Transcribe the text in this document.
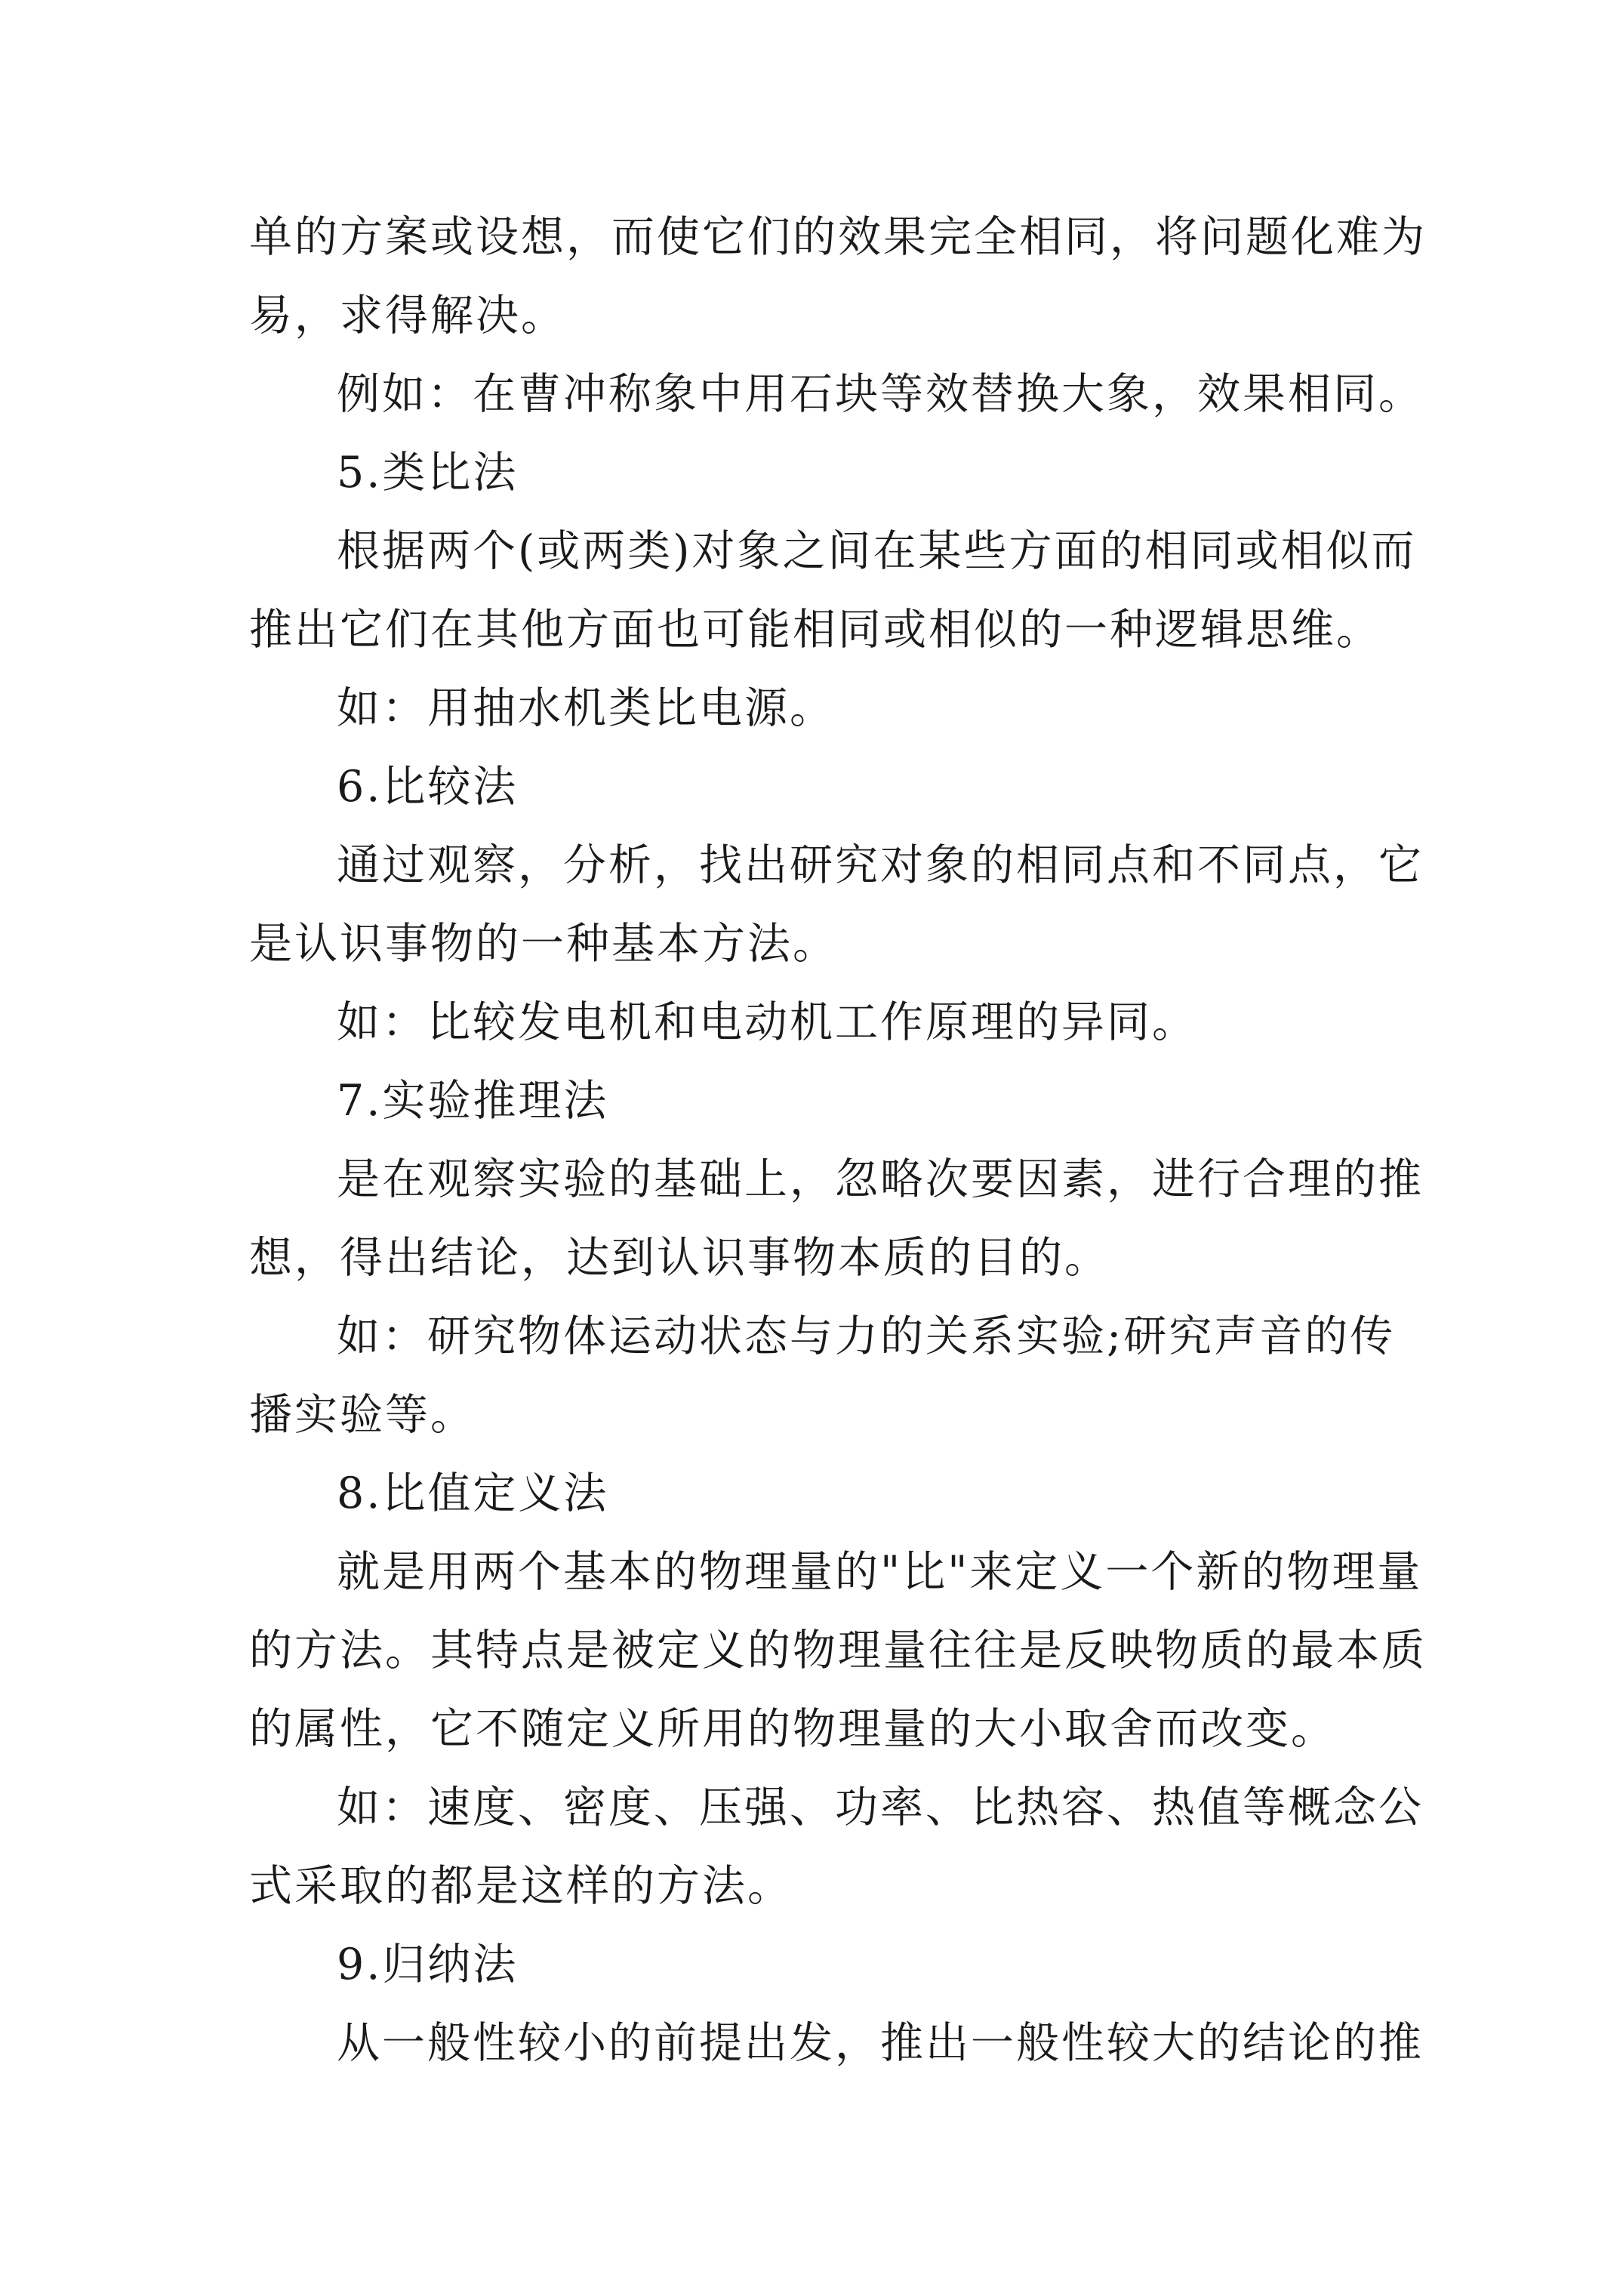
单的方案或设想，而使它们的效果完全相同，将问题化难为

易，求得解决。

例如：在曹冲称象中用石块等效替换大象，效果相同。

5.类比法

根据两个(或两类)对象之间在某些方面的相同或相似而

推出它们在其他方面也可能相同或相似的一种逻辑思维。

如：用抽水机类比电源。

6.比较法

通过观察，分析，找出研究对象的相同点和不同点，它

是认识事物的一种基本方法。

如：比较发电机和电动机工作原理的异同。

7.实验推理法

是在观察实验的基础上，忽略次要因素，进行合理的推

想，得出结论，达到认识事物本质的目的。

如：研究物体运动状态与力的关系实验;研究声音的传

播实验等。

8.比值定义法

就是用两个基本的物理量的"比"来定义一个新的物理量

的方法。其特点是被定义的物理量往往是反映物质的最本质

的属性，它不随定义所用的物理量的大小取舍而改变。

如：速度、密度、压强、功率、比热容、热值等概念公

式采取的都是这样的方法。

9.归纳法

从一般性较小的前提出发，推出一般性较大的结论的推
